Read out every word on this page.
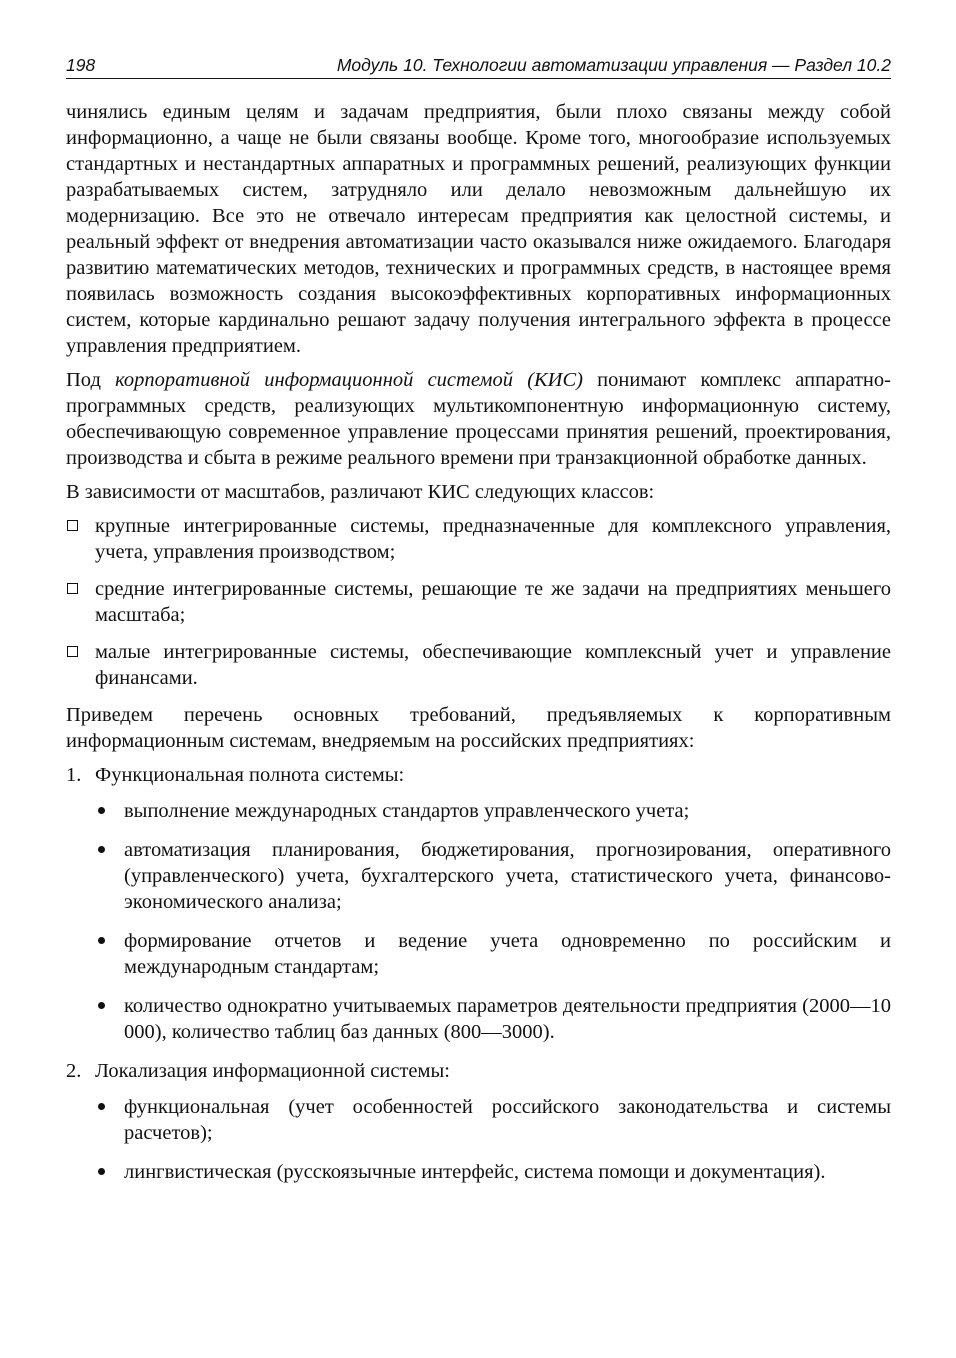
198	Модуль 10. Технологии автоматизации управления — Раздел 10.2

чинялись единым целям и задачам предприятия, были плохо связаны между собой информационно, а чаще не были связаны вообще. Кроме того, многообразие используемых стандартных и нестандартных аппаратных и программных решений, реализующих функции разрабатываемых систем, затрудняло или делало невозможным дальнейшую их модернизацию. Все это не отвечало интересам предприятия как целостной системы, и реальный эффект от внедрения автоматизации часто оказывался ниже ожидаемого. Благодаря развитию математических методов, технических и программных средств, в настоящее время появилась возможность создания высокоэффективных корпоративных информационных систем, которые кардинально решают задачу получения интегрального эффекта в процессе управления предприятием.

Под корпоративной информационной системой (КИС) понимают комплекс аппаратно-программных средств, реализующих мультикомпонентную информационную систему, обеспечивающую современное управление процессами принятия решений, проектирования, производства и сбыта в режиме реального времени при транзакционной обработке данных.

В зависимости от масштабов, различают КИС следующих классов:

крупные интегрированные системы, предназначенные для комплексного управления, учета, управления производством;
средние интегрированные системы, решающие те же задачи на предприятиях меньшего масштаба;
малые интегрированные системы, обеспечивающие комплексный учет и управление финансами.

Приведем перечень основных требований, предъявляемых к корпоративным информационным системам, внедряемым на российских предприятиях:

1. Функциональная полнота системы:
выполнение международных стандартов управленческого учета;
автоматизация планирования, бюджетирования, прогнозирования, оперативного (управленческого) учета, бухгалтерского учета, статистического учета, финансово-экономического анализа;
формирование отчетов и ведение учета одновременно по российским и международным стандартам;
количество однократно учитываемых параметров деятельности предприятия (2000—10 000), количество таблиц баз данных (800—3000).
2. Локализация информационной системы:
функциональная (учет особенностей российского законодательства и системы расчетов);
лингвистическая (русскоязычные интерфейс, система помощи и документация).
